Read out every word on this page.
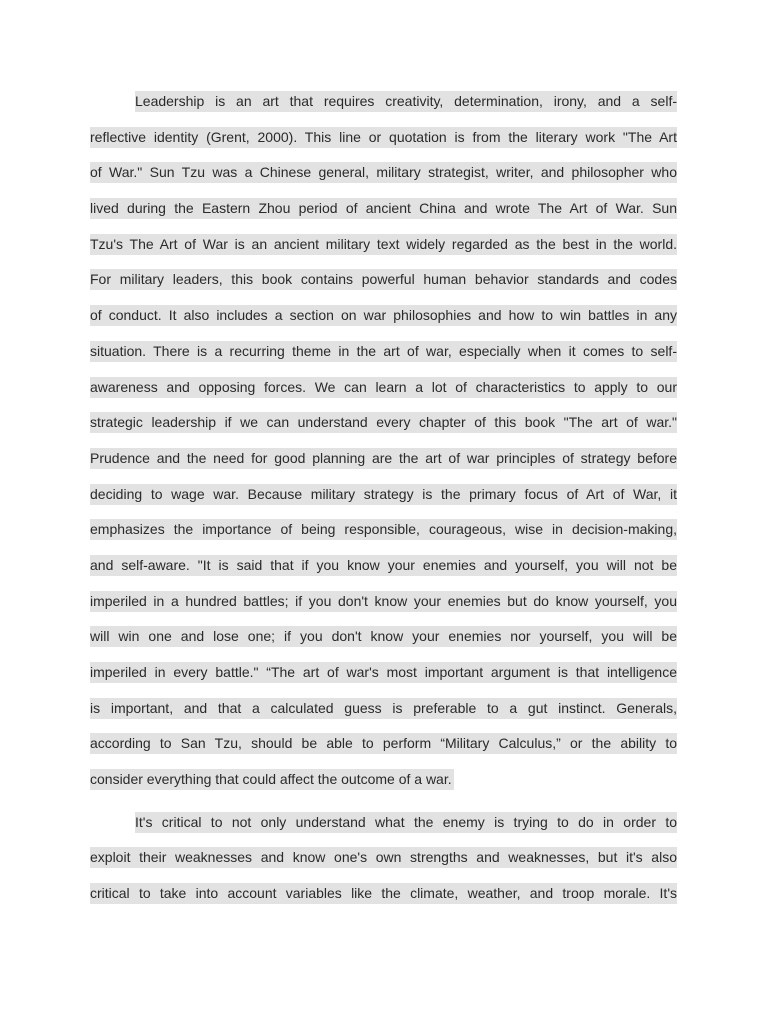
Leadership is an art that requires creativity, determination, irony, and a self-
reflective identity (Grent, 2000). This line or quotation is from the literary work "The Art
of War." Sun Tzu was a Chinese general, military strategist, writer, and philosopher who
lived during the Eastern Zhou period of ancient China and wrote The Art of War. Sun
Tzu's The Art of War is an ancient military text widely regarded as the best in the world.
For military leaders, this book contains powerful human behavior standards and codes
of conduct. It also includes a section on war philosophies and how to win battles in any
situation. There is a recurring theme in the art of war, especially when it comes to self-
awareness and opposing forces. We can learn a lot of characteristics to apply to our
strategic leadership if we can understand every chapter of this book "The art of war."
Prudence and the need for good planning are the art of war principles of strategy before
deciding to wage war. Because military strategy is the primary focus of Art of War, it
emphasizes the importance of being responsible, courageous, wise in decision-making,
and self-aware. "It is said that if you know your enemies and yourself, you will not be
imperiled in a hundred battles; if you don't know your enemies but do know yourself, you
will win one and lose one; if you don't know your enemies nor yourself, you will be
imperiled in every battle." “The art of war's most important argument is that intelligence
is important, and that a calculated guess is preferable to a gut instinct. Generals,
according to San Tzu, should be able to perform “Military Calculus,” or the ability to
consider everything that could affect the outcome of a war.
It's critical to not only understand what the enemy is trying to do in order to
exploit their weaknesses and know one's own strengths and weaknesses, but it's also
critical to take into account variables like the climate, weather, and troop morale. It's
